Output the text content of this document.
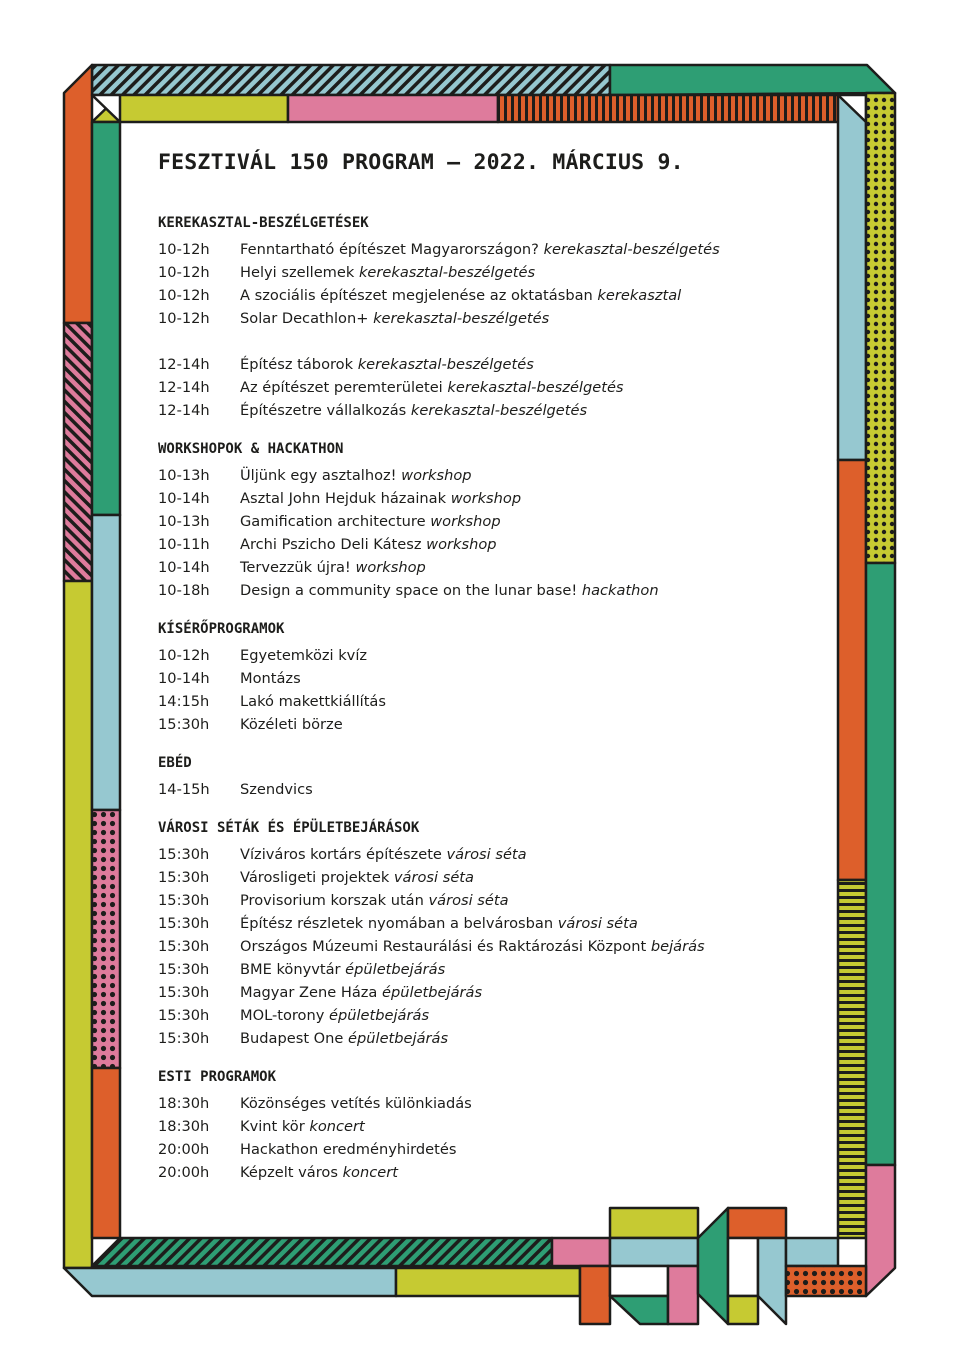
FESZTIVÁL 150 PROGRAM — 2022. MÁRCIUS 9.
KEREKASZTAL-BESZÉLGETÉSEK
10-12h	Fenntartható építészet Magyarországon? kerekasztal-beszélgetés
10-12h	Helyi szellemek kerekasztal-beszélgetés
10-12h	A szociális építészet megjelenése az oktatásban kerekasztal
10-12h	Solar Decathlon+ kerekasztal-beszélgetés
12-14h	Építész táborok kerekasztal-beszélgetés
12-14h	Az építészet peremterületei kerekasztal-beszélgetés
12-14h	Építészetre vállalkozás kerekasztal-beszélgetés
WORKSHOPOK & HACKATHON
10-13h	Üljünk egy asztalhoz! workshop
10-14h	Asztal John Hejduk házainak workshop
10-13h	Gamification architecture workshop
10-11h	Archi Pszicho Deli Kátesz workshop
10-14h	Tervezzük újra! workshop
10-18h	Design a community space on the lunar base! hackathon
KÍSÉRŐPROGRAMOK
10-12h	Egyetemközi kvíz
10-14h	Montázs
14:15h	Lakó makettkiállítás
15:30h	Közéleti börze
EBÉD
14-15h	Szendvics
VÁROSI SÉTÁK ÉS ÉPÜLETBEJÁRÁSOK
15:30h	Víziváros kortárs építészete városi séta
15:30h	Városligeti projektek városi séta
15:30h	Provisorium korszak után városi séta
15:30h	Építész részletek nyomában a belvárosban városi séta
15:30h	Országos Múzeumi Restaurálási és Raktározási Központ bejárás
15:30h	BME könyvtár épületbejárás
15:30h	Magyar Zene Háza épületbejárás
15:30h	MOL-torony épületbejárás
15:30h	Budapest One épületbejárás
ESTI PROGRAMOK
18:30h	Közönséges vetítés különkiadás
18:30h	Kvint kör koncert
20:00h	Hackathon eredményhirdetés
20:00h	Képzelt város koncert
